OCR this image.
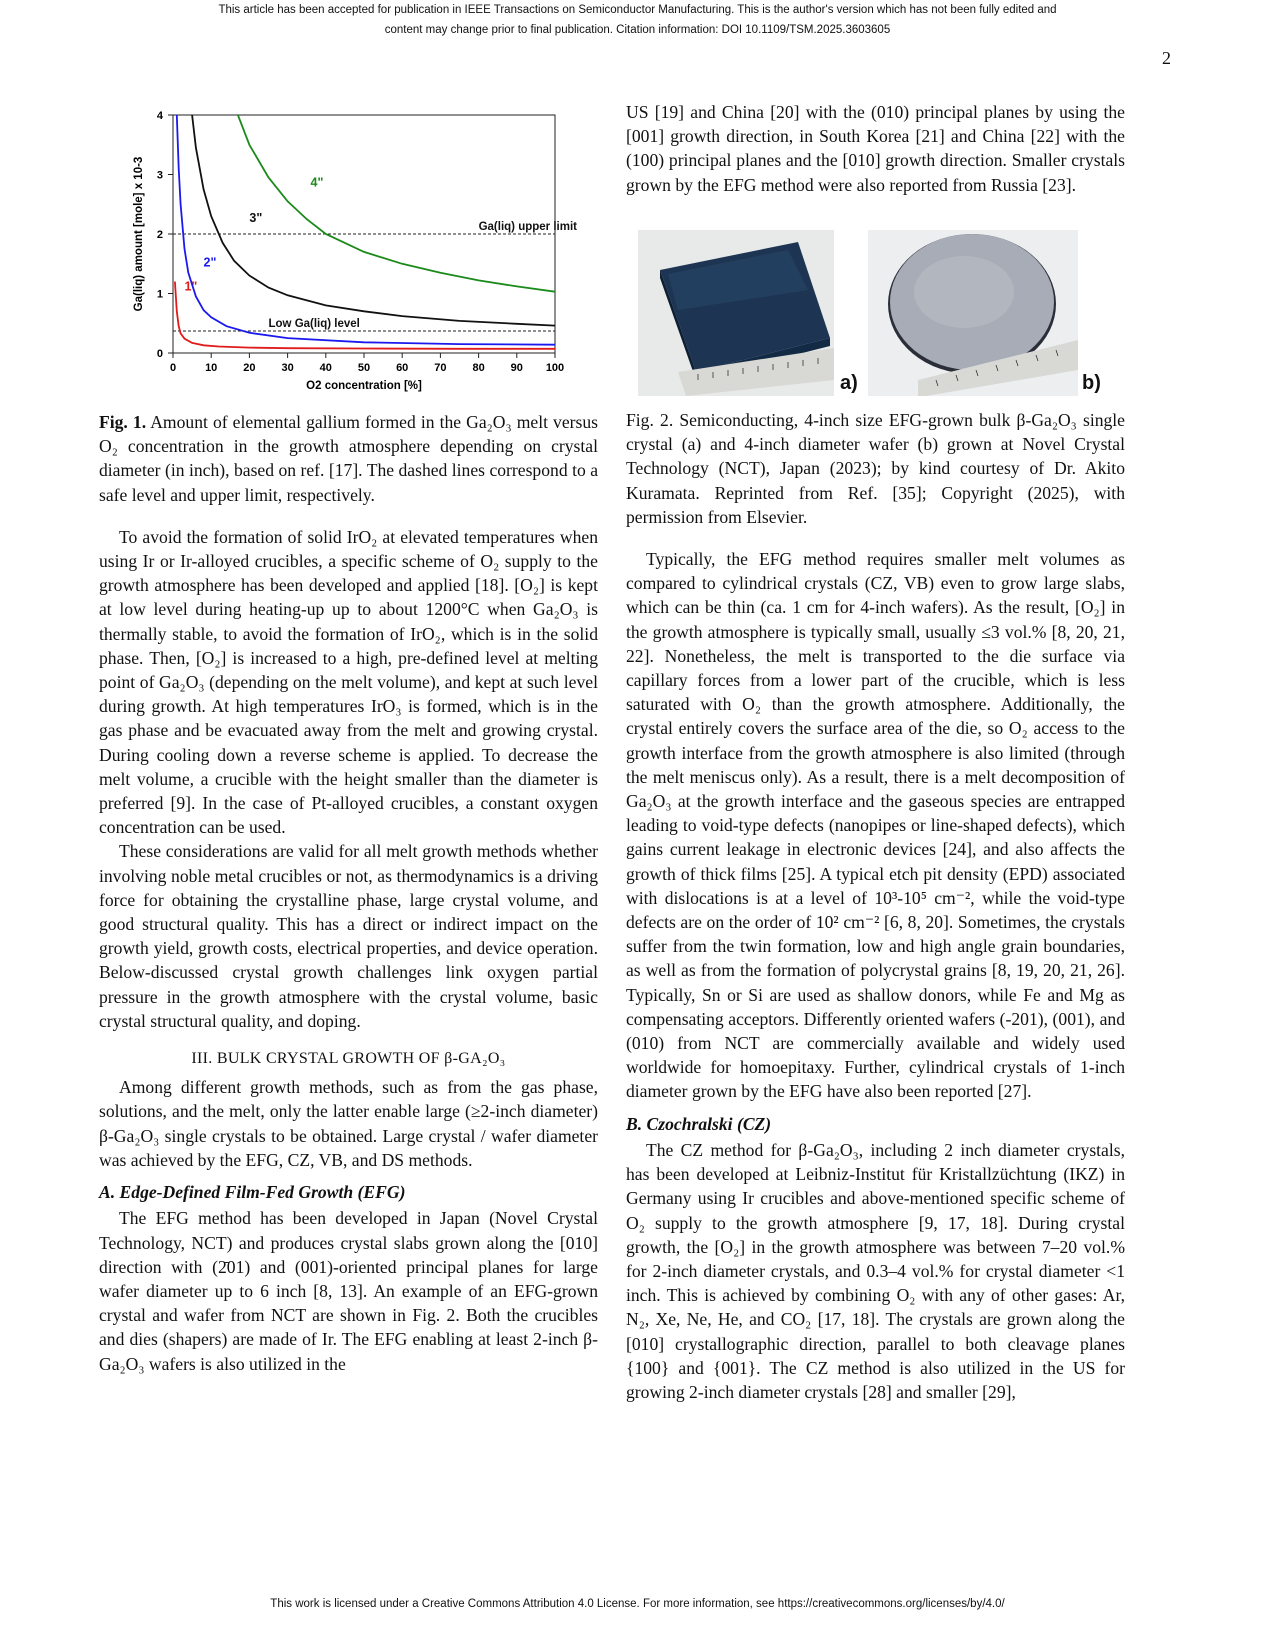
This article has been accepted for publication in IEEE Transactions on Semiconductor Manufacturing. This is the author's version which has not been fully edited and
content may change prior to final publication. Citation information: DOI 10.1109/TSM.2025.3603605
2
0	10 20 30 40 50 60 70 80 90 100
0
1
2
3
4
O2 concentration [%]
Ga(liq) amount [mole] x 10-3	Ga(liq) upper limit
Low Ga(liq) level
1"
2"
3"
4"
a)	b)

Fig. 1. Amount of elemental gallium formed in the Ga₂O₃ melt versus O₂ concentration in the growth atmosphere depending on crystal diameter (in inch), based on ref. [17]. The dashed lines correspond to a safe level and upper limit, respectively.

To avoid the formation of solid IrO₂ at elevated temperatures when using Ir or Ir-alloyed crucibles, a specific scheme of O₂ supply to the growth atmosphere has been developed and applied [18]. [O₂] is kept at low level during heating-up up to about 1200°C when Ga₂O₃ is thermally stable, to avoid the formation of IrO₂, which is in the solid phase. Then, [O₂] is increased to a high, pre-defined level at melting point of Ga₂O₃ (depending on the melt volume), and kept at such level during growth. At high temperatures IrO₃ is formed, which is in the gas phase and be evacuated away from the melt and growing crystal. During cooling down a reverse scheme is applied. To decrease the melt volume, a crucible with the height smaller than the diameter is preferred [9]. In the case of Pt-alloyed crucibles, a constant oxygen concentration can be used.

These considerations are valid for all melt growth methods whether involving noble metal crucibles or not, as thermodynamics is a driving force for obtaining the crystalline phase, large crystal volume, and good structural quality. This has a direct or indirect impact on the growth yield, growth costs, electrical properties, and device operation. Below-discussed crystal growth challenges link oxygen partial pressure in the growth atmosphere with the crystal volume, basic crystal structural quality, and doping.

III. BULK CRYSTAL GROWTH OF β-GA₂O₃

Among different growth methods, such as from the gas phase, solutions, and the melt, only the latter enable large (≥2-inch diameter) β-Ga₂O₃ single crystals to be obtained. Large crystal / wafer diameter was achieved by the EFG, CZ, VB, and DS methods.

A. Edge-Defined Film-Fed Growth (EFG)

The EFG method has been developed in Japan (Novel Crystal Technology, NCT) and produces crystal slabs grown along the [010] direction with (2̄01) and (001)-oriented principal planes for large wafer diameter up to 6 inch [8, 13]. An example of an EFG-grown crystal and wafer from NCT are shown in Fig. 2. Both the crucibles and dies (shapers) are made of Ir. The EFG enabling at least 2-inch β-Ga₂O₃ wafers is also utilized in the

US [19] and China [20] with the (010) principal planes by using the [001] growth direction, in South Korea [21] and China [22] with the (100) principal planes and the [010] growth direction. Smaller crystals grown by the EFG method were also reported from Russia [23].

Fig. 2. Semiconducting, 4-inch size EFG-grown bulk β-Ga₂O₃ single crystal (a) and 4-inch diameter wafer (b) grown at Novel Crystal Technology (NCT), Japan (2023); by kind courtesy of Dr. Akito Kuramata. Reprinted from Ref. [35]; Copyright (2025), with permission from Elsevier.

Typically, the EFG method requires smaller melt volumes as compared to cylindrical crystals (CZ, VB) even to grow large slabs, which can be thin (ca. 1 cm for 4-inch wafers). As the result, [O₂] in the growth atmosphere is typically small, usually ≤3 vol.% [8, 20, 21, 22]. Nonetheless, the melt is transported to the die surface via capillary forces from a lower part of the crucible, which is less saturated with O₂ than the growth atmosphere. Additionally, the crystal entirely covers the surface area of the die, so O₂ access to the growth interface from the growth atmosphere is also limited (through the melt meniscus only). As a result, there is a melt decomposition of Ga₂O₃ at the growth interface and the gaseous species are entrapped leading to void-type defects (nanopipes or line-shaped defects), which gains current leakage in electronic devices [24], and also affects the growth of thick films [25]. A typical etch pit density (EPD) associated with dislocations is at a level of 10³-10⁵ cm⁻², while the void-type defects are on the order of 10² cm⁻² [6, 8, 20]. Sometimes, the crystals suffer from the twin formation, low and high angle grain boundaries, as well as from the formation of polycrystal grains [8, 19, 20, 21, 26]. Typically, Sn or Si are used as shallow donors, while Fe and Mg as compensating acceptors. Differently oriented wafers (-201), (001), and (010) from NCT are commercially available and widely used worldwide for homoepitaxy. Further, cylindrical crystals of 1-inch diameter grown by the EFG have also been reported [27].

B. Czochralski (CZ)

The CZ method for β-Ga₂O₃, including 2 inch diameter crystals, has been developed at Leibniz-Institut für Kristallzüchtung (IKZ) in Germany using Ir crucibles and above-mentioned specific scheme of O₂ supply to the growth atmosphere [9, 17, 18]. During crystal growth, the [O₂] in the growth atmosphere was between 7–20 vol.% for 2-inch diameter crystals, and 0.3–4 vol.% for crystal diameter <1 inch. This is achieved by combining O₂ with any of other gases: Ar, N₂, Xe, Ne, He, and CO₂ [17, 18]. The crystals are grown along the [010] crystallographic direction, parallel to both cleavage planes {100} and {001}. The CZ method is also utilized in the US for growing 2-inch diameter crystals [28] and smaller [29],

This work is licensed under a Creative Commons Attribution 4.0 License. For more information, see https://creativecommons.org/licenses/by/4.0/
